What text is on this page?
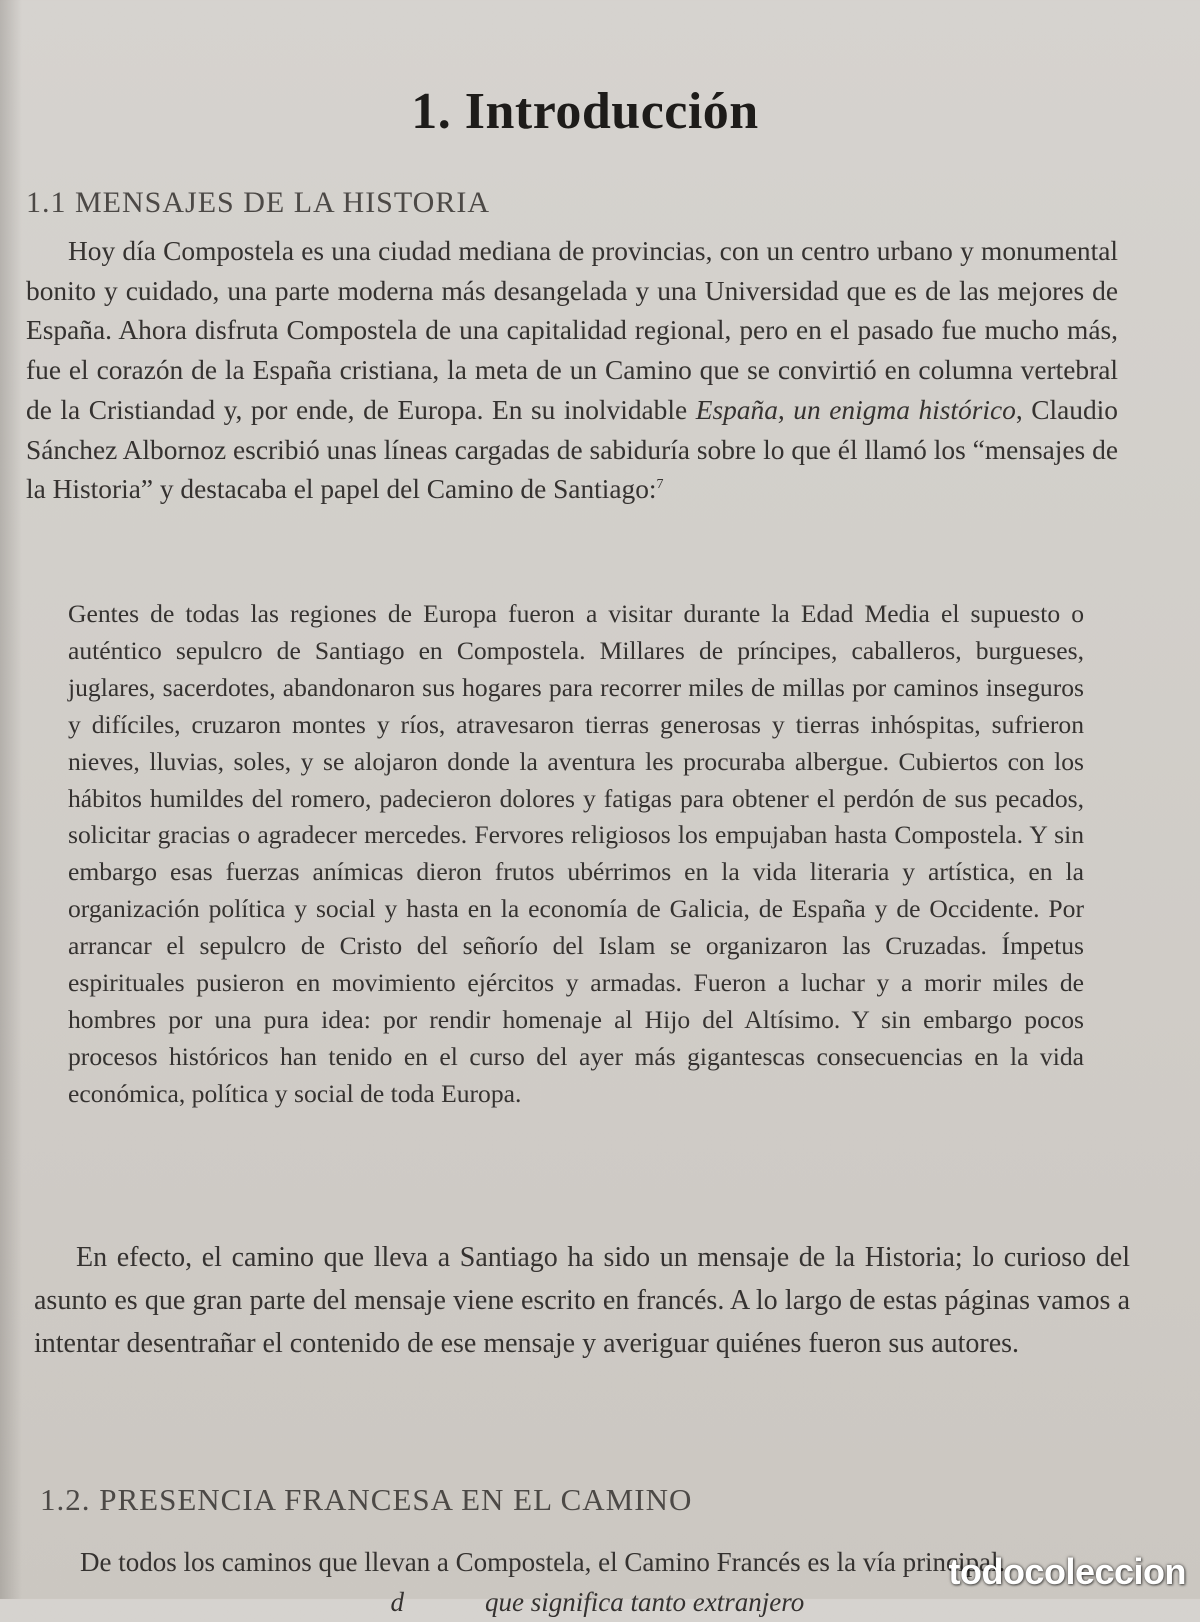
1. Introducción
1.1 MENSAJES DE LA HISTORIA

Hoy día Compostela es una ciudad mediana de provincias, con un centro urbano y monumental bonito y cuidado, una parte moderna más desangelada y una Universidad que es de las mejores de España. Ahora disfruta Compostela de una capitalidad regional, pero en el pasado fue mucho más, fue el corazón de la España cristiana, la meta de un Camino que se convirtió en columna vertebral de la Cristiandad y, por ende, de Europa. En su inolvidable España, un enigma histórico, Claudio Sánchez Albornoz escribió unas líneas cargadas de sabiduría sobre lo que él llamó los “mensajes de la Historia” y destacaba el papel del Camino de Santiago:$^7$

Gentes de todas las regiones de Europa fueron a visitar durante la Edad Media el supuesto o auténtico sepulcro de Santiago en Compostela. Millares de príncipes, caballeros, burgueses, juglares, sacerdotes, abandonaron sus hogares para recorrer miles de millas por caminos inseguros y difíciles, cruzaron montes y ríos, atravesaron tierras generosas y tierras inhóspitas, sufrieron nieves, lluvias, soles, y se alojaron donde la aventura les procuraba albergue. Cubiertos con los hábitos humildes del romero, padecieron dolores y fatigas para obtener el perdón de sus pecados, solicitar gracias o agradecer mercedes. Fervores religiosos los empujaban hasta Compostela. Y sin embargo esas fuerzas anímicas dieron frutos ubérrimos en la vida literaria y artística, en la organización política y social y hasta en la economía de Galicia, de España y de Occidente. Por arrancar el sepulcro de Cristo del señorío del Islam se organizaron las Cruzadas. Ímpetus espirituales pusieron en movimiento ejércitos y armadas. Fueron a luchar y a morir miles de hombres por una pura idea: por rendir homenaje al Hijo del Altísimo. Y sin embargo pocos procesos históricos han tenido en el curso del ayer más gigantescas consecuencias en la vida económica, política y social de toda Europa.

En efecto, el camino que lleva a Santiago ha sido un mensaje de la Historia; lo curioso del asunto es que gran parte del mensaje viene escrito en francés. A lo largo de estas páginas vamos a intentar desentrañar el contenido de ese mensaje y averiguar quiénes fueron sus autores.

1.2. PRESENCIA FRANCESA EN EL CAMINO
De todos los caminos que llevan a Compostela, el Camino Francés es la vía principal.
d            que significa tanto extranjero
todocoleccion
